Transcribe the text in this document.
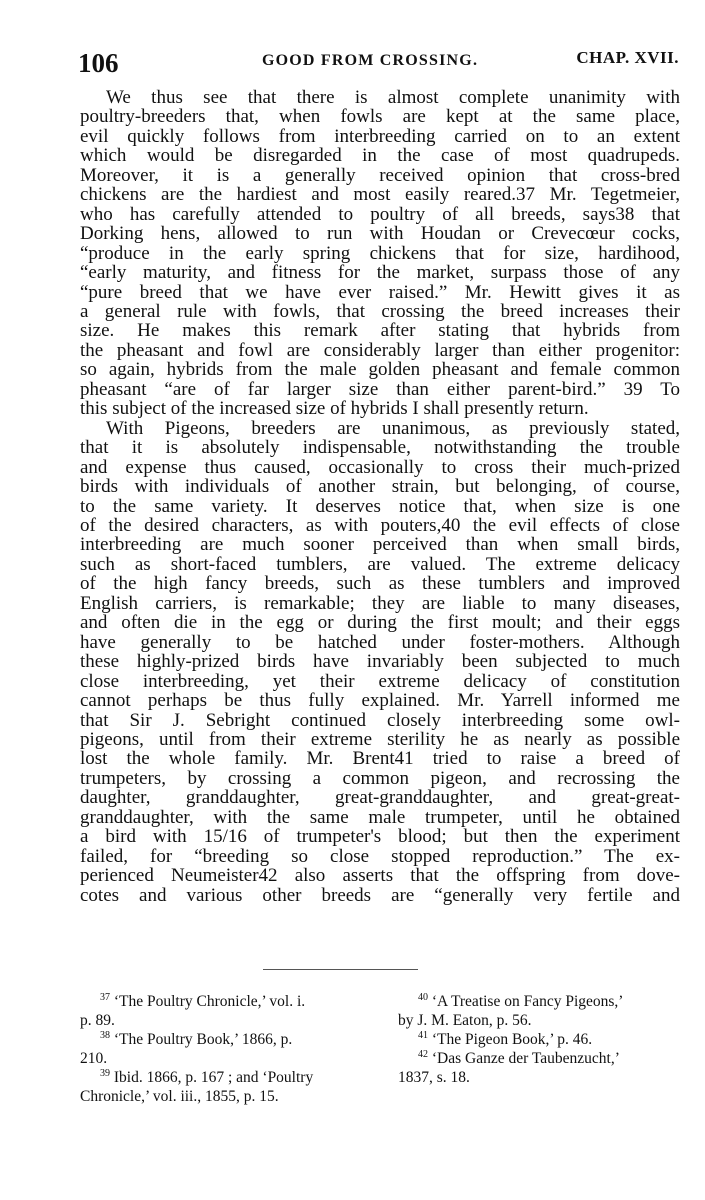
106	GOOD FROM CROSSING.	CHAP. XVII.
We thus see that there is almost complete unanimity with
poultry-breeders that, when fowls are kept at the same place,
evil quickly follows from interbreeding carried on to an extent
which would be disregarded in the case of most quadrupeds.
Moreover, it is a generally received opinion that cross-bred
chickens are the hardiest and most easily reared.37 Mr. Tegetmeier,
who has carefully attended to poultry of all breeds, says38 that
Dorking hens, allowed to run with Houdan or Crevecœur cocks,
“produce in the early spring chickens that for size, hardihood,
“early maturity, and fitness for the market, surpass those of any
“pure breed that we have ever raised.” Mr. Hewitt gives it as
a general rule with fowls, that crossing the breed increases their
size. He makes this remark after stating that hybrids from
the pheasant and fowl are considerably larger than either progenitor:
so again, hybrids from the male golden pheasant and female common
pheasant “are of far larger size than either parent-bird.” 39 To
this subject of the increased size of hybrids I shall presently return.
With Pigeons, breeders are unanimous, as previously stated,
that it is absolutely indispensable, notwithstanding the trouble
and expense thus caused, occasionally to cross their much-prized
birds with individuals of another strain, but belonging, of course,
to the same variety. It deserves notice that, when size is one
of the desired characters, as with pouters,40 the evil effects of close
interbreeding are much sooner perceived than when small birds,
such as short-faced tumblers, are valued. The extreme delicacy
of the high fancy breeds, such as these tumblers and improved
English carriers, is remarkable; they are liable to many diseases,
and often die in the egg or during the first moult; and their eggs
have generally to be hatched under foster-mothers. Although
these highly-prized birds have invariably been subjected to much
close interbreeding, yet their extreme delicacy of constitution
cannot perhaps be thus fully explained. Mr. Yarrell informed me
that Sir J. Sebright continued closely interbreeding some owl-
pigeons, until from their extreme sterility he as nearly as possible
lost the whole family. Mr. Brent41 tried to raise a breed of
trumpeters, by crossing a common pigeon, and recrossing the
daughter, granddaughter, great-granddaughter, and great-great-
granddaughter, with the same male trumpeter, until he obtained
a bird with 15/16 of trumpeter's blood; but then the experiment
failed, for “breeding so close stopped reproduction.” The ex-
perienced Neumeister42 also asserts that the offspring from dove-
cotes and various other breeds are “generally very fertile and
$^{37}$ ‘The Poultry Chronicle,’ vol. i.
p. 89.
$^{38}$ ‘The Poultry Book,’ 1866, p.
210.
$^{39}$ Ibid. 1866, p. 167 ; and ‘Poultry
Chronicle,’ vol. iii., 1855, p. 15.
$^{40}$ ‘A Treatise on Fancy Pigeons,’
by J. M. Eaton, p. 56.
$^{41}$ ‘The Pigeon Book,’ p. 46.
$^{42}$ ‘Das Ganze der Taubenzucht,’
1837, s. 18.
